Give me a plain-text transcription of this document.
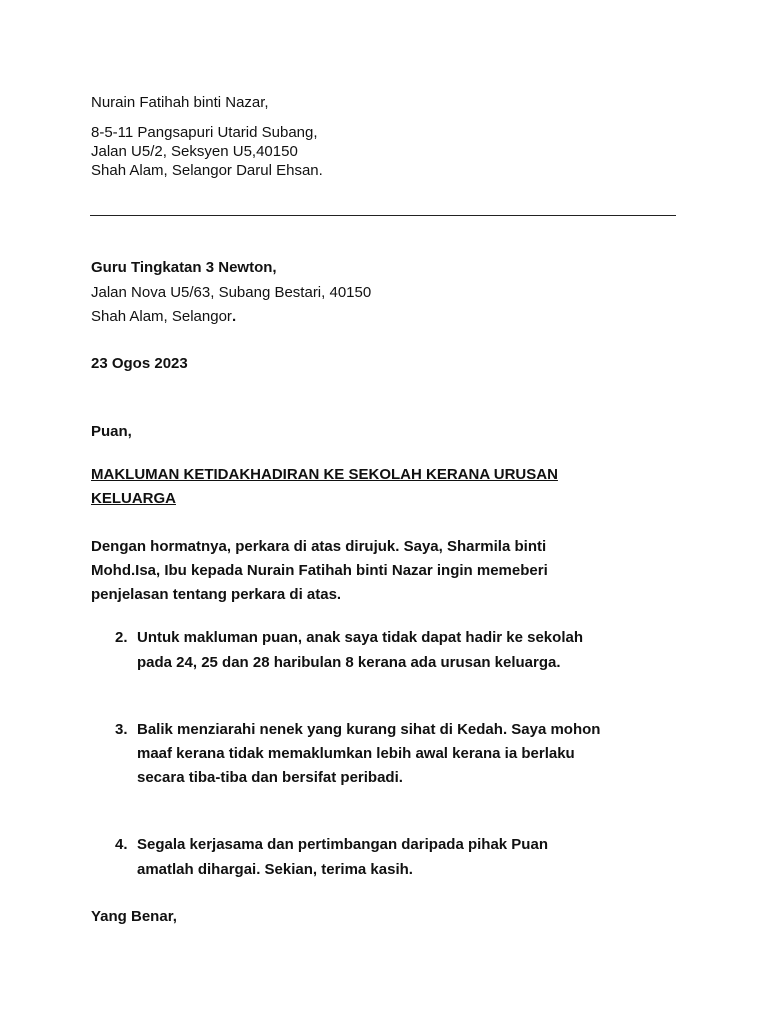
Nurain Fatihah binti Nazar,
8-5-11 Pangsapuri Utarid Subang,
Jalan U5/2, Seksyen U5,40150
Shah Alam, Selangor Darul Ehsan.
Guru Tingkatan 3 Newton,
Jalan Nova U5/63, Subang Bestari, 40150
Shah Alam, Selangor.
23 Ogos 2023
Puan,
MAKLUMAN KETIDAKHADIRAN KE SEKOLAH KERANA URUSAN
KELUARGA
Dengan hormatnya, perkara di atas dirujuk. Saya, Sharmila binti
Mohd.Isa, Ibu kepada Nurain Fatihah binti Nazar ingin memeberi
penjelasan tentang perkara di atas.
2. Untuk makluman puan, anak saya tidak dapat hadir ke sekolah
pada 24, 25 dan 28 haribulan 8 kerana ada urusan keluarga.
3. Balik menziarahi nenek yang kurang sihat di Kedah. Saya mohon
maaf kerana tidak memaklumkan lebih awal kerana ia berlaku
secara tiba-tiba dan bersifat peribadi.
4. Segala kerjasama dan pertimbangan daripada pihak Puan
amatlah dihargai. Sekian, terima kasih.
Yang Benar,
